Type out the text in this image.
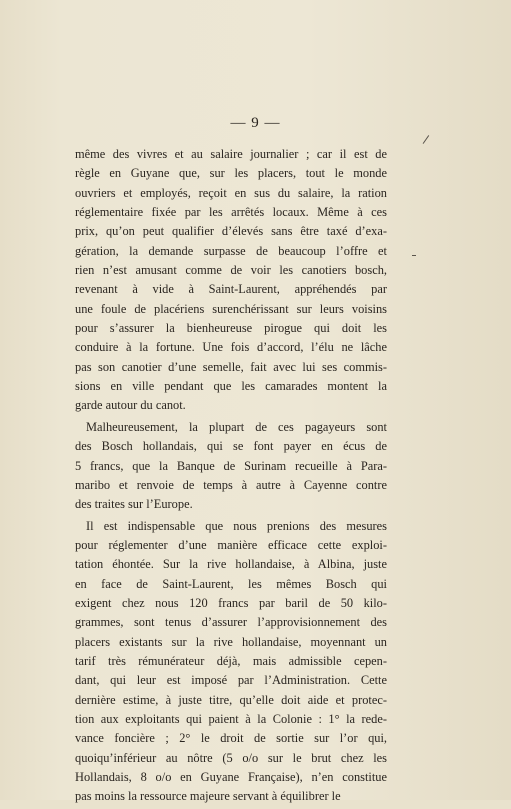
— 9 —
même des vivres et au salaire journalier ; car il est de
règle en Guyane que, sur les placers, tout le monde
ouvriers et employés, reçoit en sus du salaire, la ration
réglementaire fixée par les arrêtés locaux. Même à ces
prix, qu’on peut qualifier d’élevés sans être taxé d’exa-
gération, la demande surpasse de beaucoup l’offre et
rien n’est amusant comme de voir les canotiers bosch,
revenant à vide à Saint-Laurent, appréhendés par
une foule de placériens surenchérissant sur leurs voisins
pour s’assurer la bienheureuse pirogue qui doit les
conduire à la fortune. Une fois d’accord, l’élu ne lâche
pas son canotier d’une semelle, fait avec lui ses commis-
sions en ville pendant que les camarades montent la
garde autour du canot.
Malheureusement, la plupart de ces pagayeurs sont
des Bosch hollandais, qui se font payer en écus de
5 francs, que la Banque de Surinam recueille à Para-
maribo et renvoie de temps à autre à Cayenne contre
des traites sur l’Europe.
Il est indispensable que nous prenions des mesures
pour réglementer d’une manière efficace cette exploi-
tation éhontée. Sur la rive hollandaise, à Albina, juste
en face de Saint-Laurent, les mêmes Bosch qui
exigent chez nous 120 francs par baril de 50 kilo-
grammes, sont tenus d’assurer l’approvisionnement des
placers existants sur la rive hollandaise, moyennant un
tarif très rémunérateur déjà, mais admissible cepen-
dant, qui leur est imposé par l’Administration. Cette
dernière estime, à juste titre, qu’elle doit aide et protec-
tion aux exploitants qui paient à la Colonie : 1° la rede-
vance foncière ; 2° le droit de sortie sur l’or qui,
quoiqu’inférieur au nôtre (5 o/o sur le brut chez les
Hollandais, 8 o/o en Guyane Française), n’en constitue
pas moins la ressource majeure servant à équilibrer le
